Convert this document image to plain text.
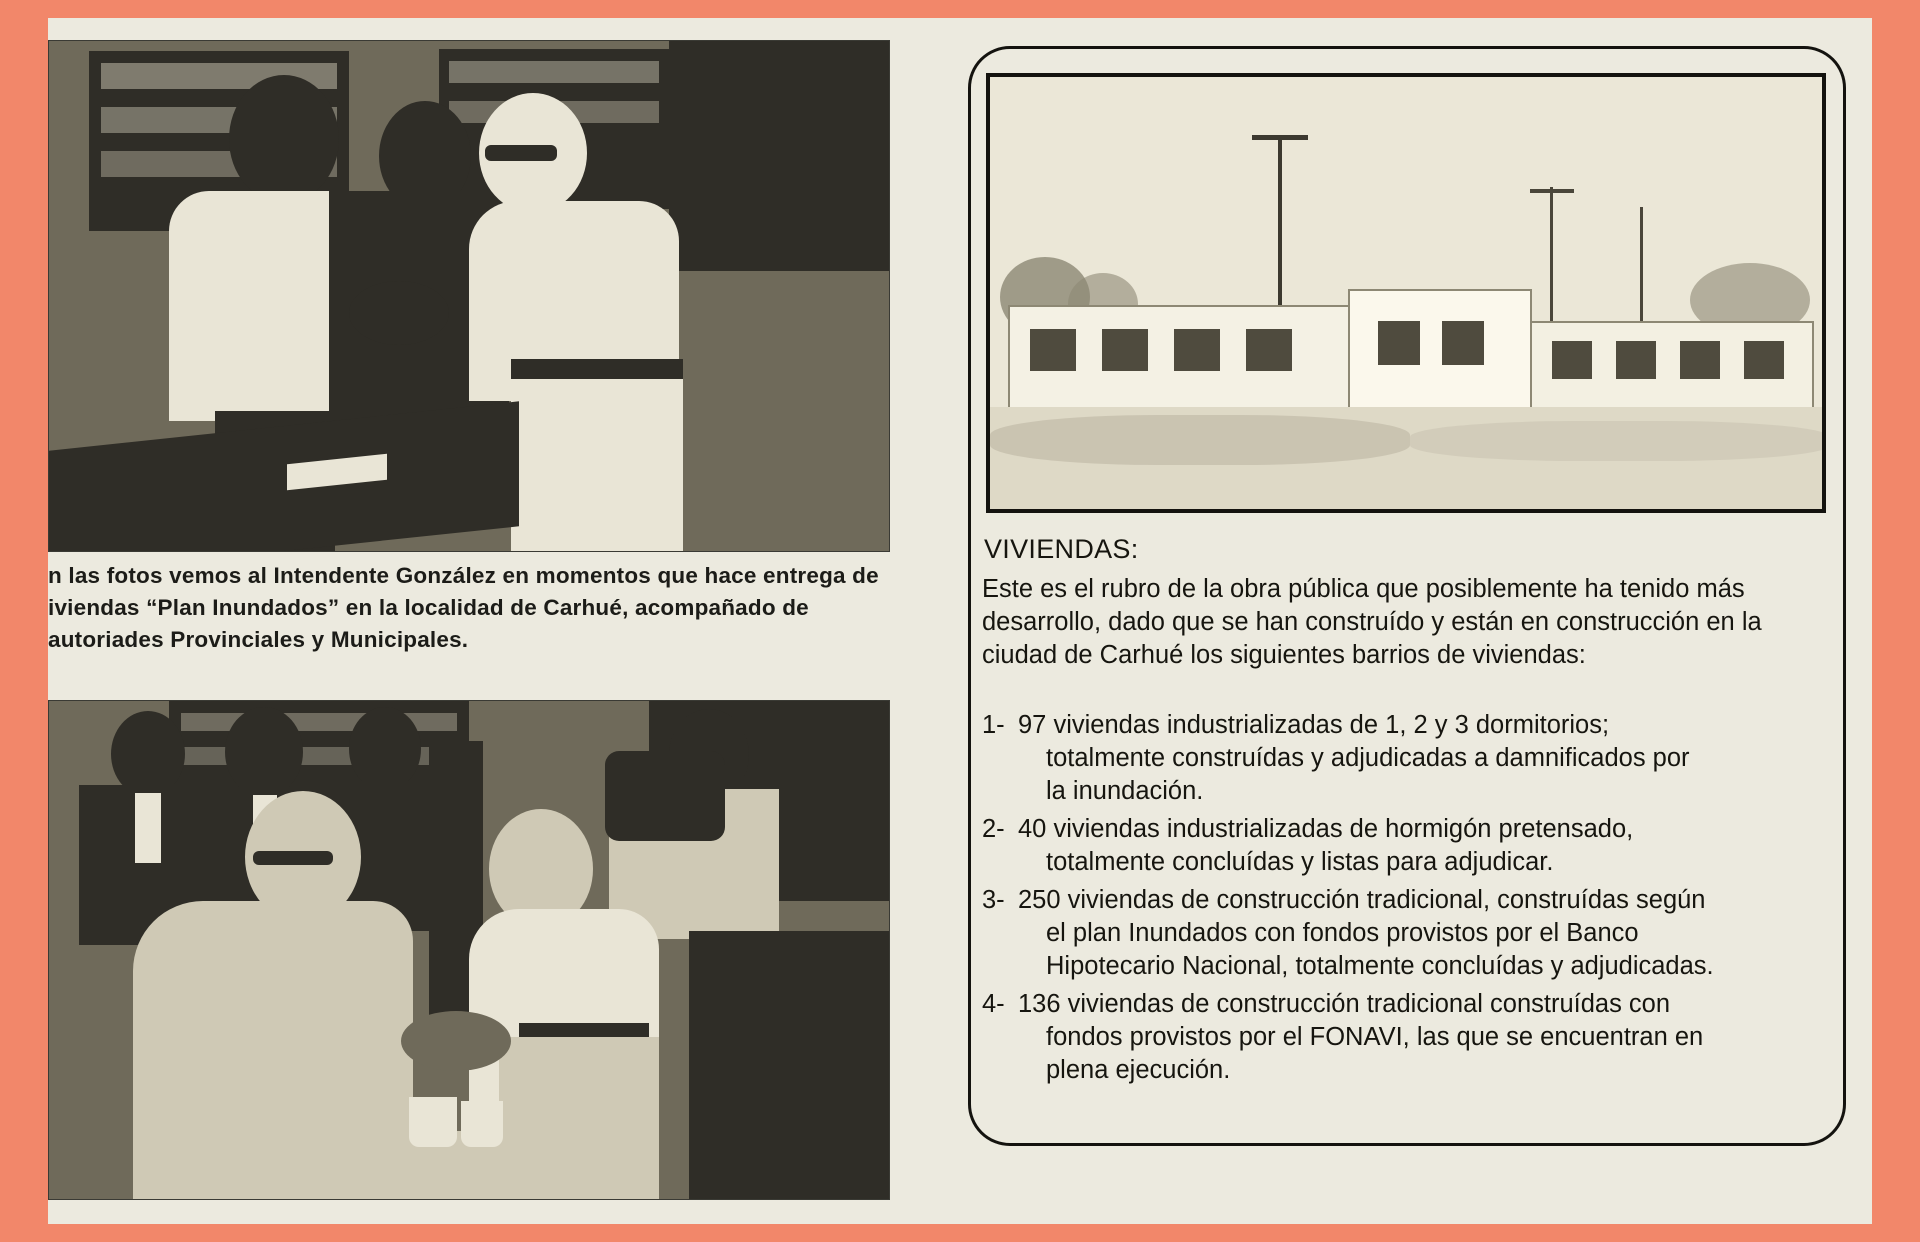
n las fotos vemos al Intendente González en momentos que hace entrega de iviendas “Plan Inundados” en la localidad de Carhué, acompañado de autoriades Provinciales y Municipales.
VIVIENDAS:

Este es el rubro de la obra pública que posiblemente ha tenido más desarrollo, dado que se han construído y están en construcción en la ciudad de Carhué los siguientes barrios de viviendas:

1- 97 viviendas industrializadas de 1, 2 y 3 dormitorios;
totalmente construídas y adjudicadas a damnificados por
la inundación.
2- 40 viviendas industrializadas de hormigón pretensado,
totalmente concluídas y listas para adjudicar.
3- 250 viviendas de construcción tradicional, construídas según
el plan Inundados con fondos provistos por el Banco
Hipotecario Nacional, totalmente concluídas y adjudicadas.
4- 136 viviendas de construcción tradicional construídas con
fondos provistos por el FONAVI, las que se encuentran en
plena ejecución.
